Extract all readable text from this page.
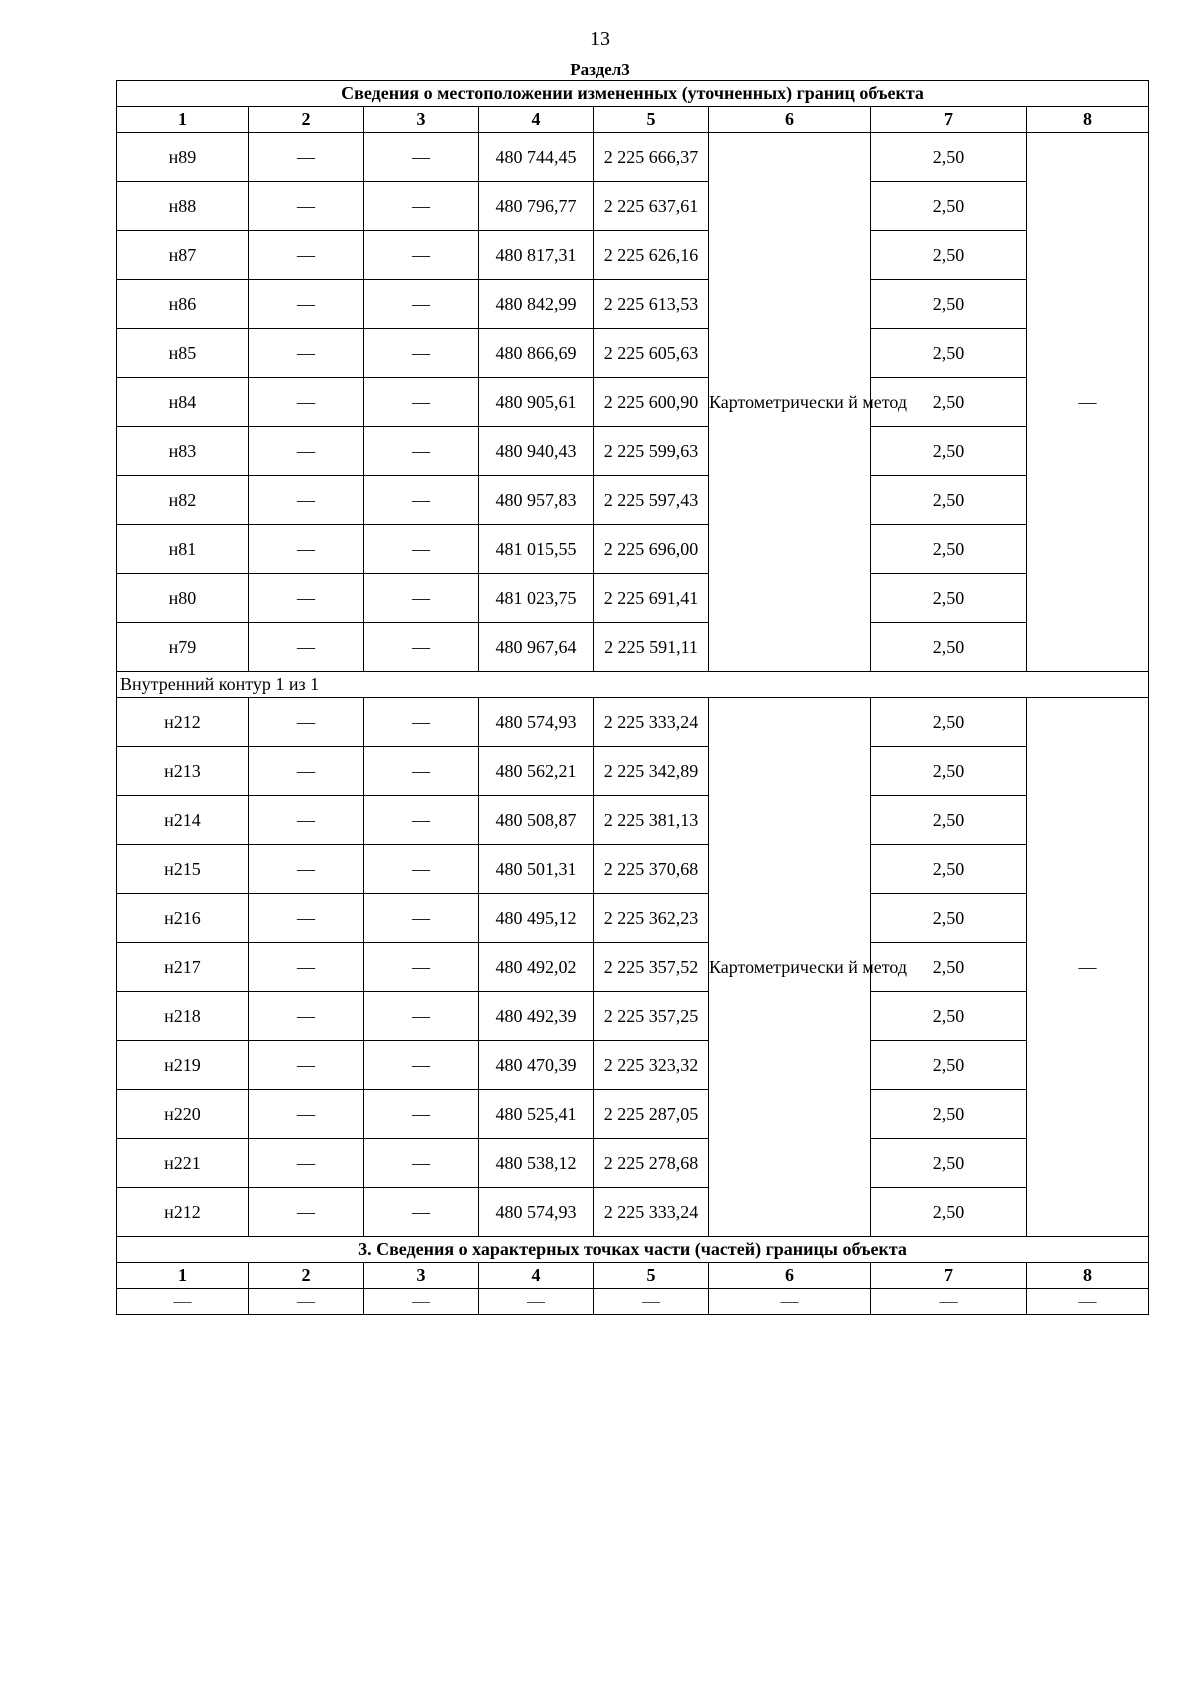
13
Раздел3
Сведения о местоположении измененных (уточненных) границ объекта							
1	2	3	4	5	6	7	8
н89	—	—	480 744,45	2 225 666,37	Картометрически й метод	2,50	—
н88	—	—	480 796,77	2 225 637,61		2,50	
н87	—	—	480 817,31	2 225 626,16		2,50	
н86	—	—	480 842,99	2 225 613,53		2,50	
н85	—	—	480 866,69	2 225 605,63		2,50	
н84	—	—	480 905,61	2 225 600,90		2,50	
н83	—	—	480 940,43	2 225 599,63		2,50	
н82	—	—	480 957,83	2 225 597,43		2,50	
н81	—	—	481 015,55	2 225 696,00		2,50	
н80	—	—	481 023,75	2 225 691,41		2,50	
н79	—	—	480 967,64	2 225 591,11		2,50	
Внутренний контур 1 из 1							
н212	—	—	480 574,93	2 225 333,24	Картометрически й метод	2,50	—
н213	—	—	480 562,21	2 225 342,89		2,50	
н214	—	—	480 508,87	2 225 381,13		2,50	
н215	—	—	480 501,31	2 225 370,68		2,50	
н216	—	—	480 495,12	2 225 362,23		2,50	
н217	—	—	480 492,02	2 225 357,52		2,50	
н218	—	—	480 492,39	2 225 357,25		2,50	
н219	—	—	480 470,39	2 225 323,32		2,50	
н220	—	—	480 525,41	2 225 287,05		2,50	
н221	—	—	480 538,12	2 225 278,68		2,50	
н212	—	—	480 574,93	2 225 333,24		2,50	
3. Сведения о характерных точках части (частей) границы объекта							
1	2	3	4	5	6	7	8
—	—	—	—	—	—	—	—
